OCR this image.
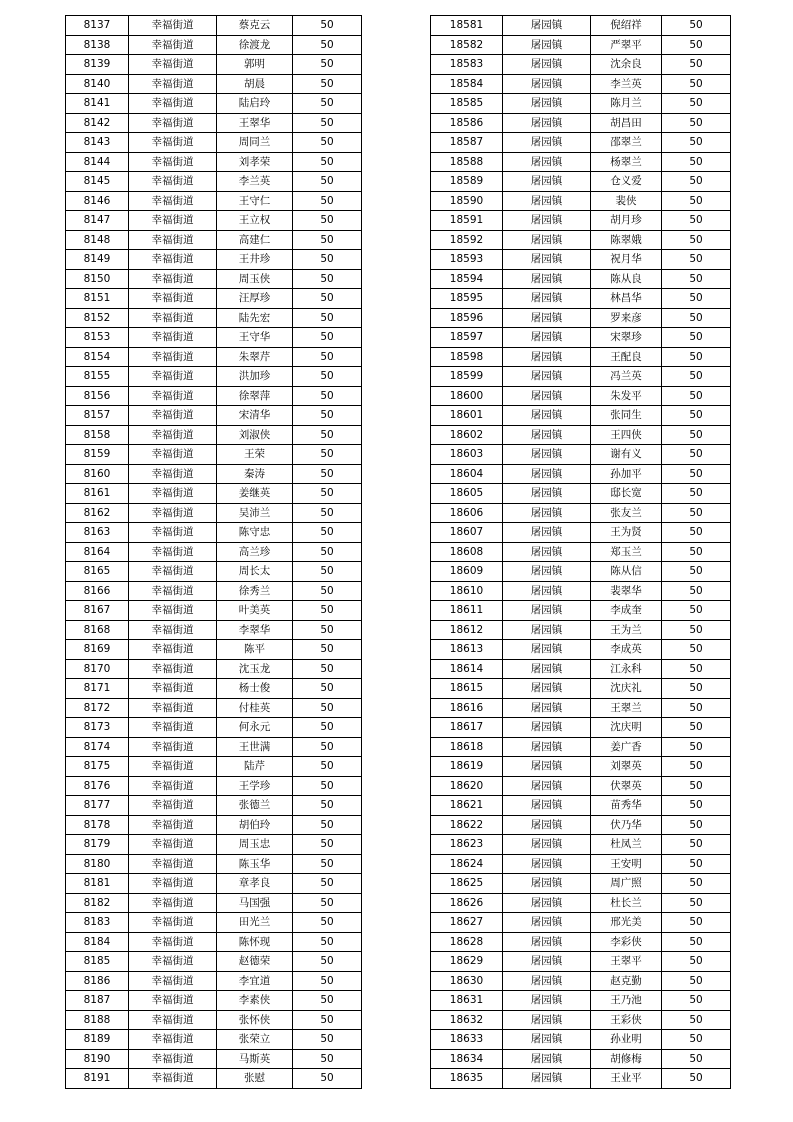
8137	幸福街道	蔡克云	50
8138	幸福街道	徐渡龙	50
8139	幸福街道	郭明	50
8140	幸福街道	胡晨	50
8141	幸福街道	陆启玲	50
8142	幸福街道	王翠华	50
8143	幸福街道	周同兰	50
8144	幸福街道	刘孝荣	50
8145	幸福街道	李兰英	50
8146	幸福街道	王守仁	50
8147	幸福街道	王立权	50
8148	幸福街道	高建仁	50
8149	幸福街道	王井珍	50
8150	幸福街道	周玉侠	50
8151	幸福街道	汪厚珍	50
8152	幸福街道	陆先宏	50
8153	幸福街道	王守华	50
8154	幸福街道	朱翠芹	50
8155	幸福街道	洪加珍	50
8156	幸福街道	徐翠萍	50
8157	幸福街道	宋清华	50
8158	幸福街道	刘淑侠	50
8159	幸福街道	王荣	50
8160	幸福街道	秦涛	50
8161	幸福街道	姜继英	50
8162	幸福街道	吴沛兰	50
8163	幸福街道	陈守忠	50
8164	幸福街道	高兰珍	50
8165	幸福街道	周长太	50
8166	幸福街道	徐秀兰	50
8167	幸福街道	叶美英	50
8168	幸福街道	李翠华	50
8169	幸福街道	陈平	50
8170	幸福街道	沈玉龙	50
8171	幸福街道	杨士俊	50
8172	幸福街道	付桂英	50
8173	幸福街道	何永元	50
8174	幸福街道	王世满	50
8175	幸福街道	陆芹	50
8176	幸福街道	王学珍	50
8177	幸福街道	张德兰	50
8178	幸福街道	胡伯玲	50
8179	幸福街道	周玉忠	50
8180	幸福街道	陈玉华	50
8181	幸福街道	章孝良	50
8182	幸福街道	马国强	50
8183	幸福街道	田光兰	50
8184	幸福街道	陈怀现	50
8185	幸福街道	赵德荣	50
8186	幸福街道	李宜道	50
8187	幸福街道	李素侠	50
8188	幸福街道	张怀侠	50
8189	幸福街道	张荣立	50
8190	幸福街道	马斯英	50
8191	幸福街道	张慰	50
18581	屠园镇	倪绍祥	50
18582	屠园镇	严翠平	50
18583	屠园镇	沈余良	50
18584	屠园镇	李兰英	50
18585	屠园镇	陈月兰	50
18586	屠园镇	胡昌田	50
18587	屠园镇	邵翠兰	50
18588	屠园镇	杨翠兰	50
18589	屠园镇	仓义爱	50
18590	屠园镇	裴侠	50
18591	屠园镇	胡月珍	50
18592	屠园镇	陈翠娥	50
18593	屠园镇	祝月华	50
18594	屠园镇	陈从良	50
18595	屠园镇	林昌华	50
18596	屠园镇	罗来彦	50
18597	屠园镇	宋翠珍	50
18598	屠园镇	王配良	50
18599	屠园镇	冯兰英	50
18600	屠园镇	朱发平	50
18601	屠园镇	张同生	50
18602	屠园镇	王四侠	50
18603	屠园镇	谢有义	50
18604	屠园镇	孙加平	50
18605	屠园镇	邸长宽	50
18606	屠园镇	张友兰	50
18607	屠园镇	王为贤	50
18608	屠园镇	郑玉兰	50
18609	屠园镇	陈从信	50
18610	屠园镇	裴翠华	50
18611	屠园镇	李成奎	50
18612	屠园镇	王为兰	50
18613	屠园镇	李成英	50
18614	屠园镇	江永科	50
18615	屠园镇	沈庆礼	50
18616	屠园镇	王翠兰	50
18617	屠园镇	沈庆明	50
18618	屠园镇	姜广香	50
18619	屠园镇	刘翠英	50
18620	屠园镇	伏翠英	50
18621	屠园镇	苗秀华	50
18622	屠园镇	伏乃华	50
18623	屠园镇	杜凤兰	50
18624	屠园镇	王安明	50
18625	屠园镇	周广照	50
18626	屠园镇	杜长兰	50
18627	屠园镇	邢光美	50
18628	屠园镇	李彩侠	50
18629	屠园镇	王翠平	50
18630	屠园镇	赵克勤	50
18631	屠园镇	王乃池	50
18632	屠园镇	王彩侠	50
18633	屠园镇	孙业明	50
18634	屠园镇	胡修梅	50
18635	屠园镇	王业平	50
